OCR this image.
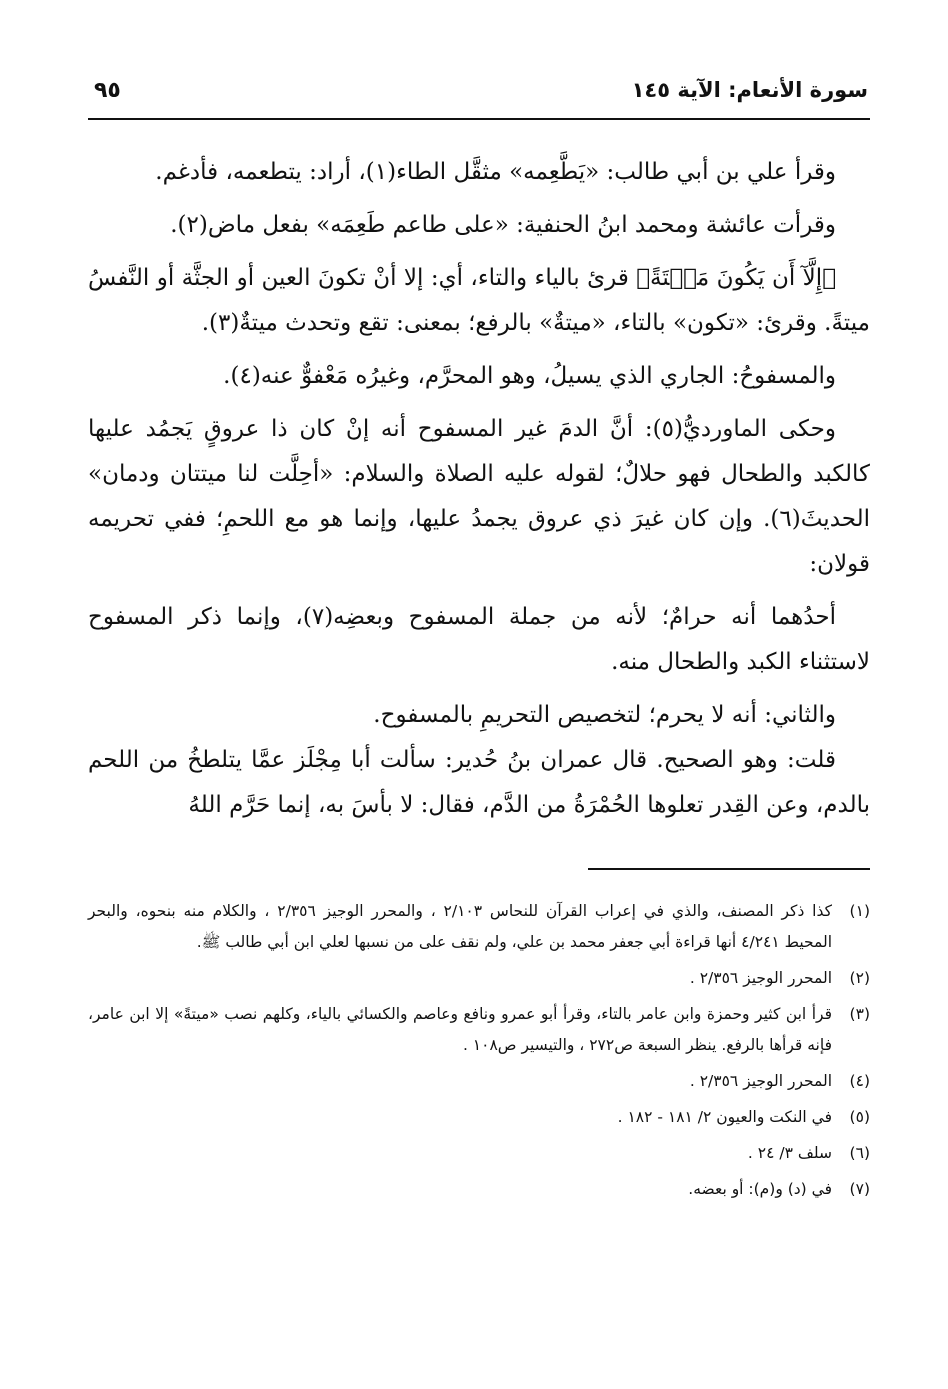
سورة الأنعام: الآية ١٤٥
٩٥

وقرأ علي بن أبي طالب: «يَطَّعِمه» مثقَّل الطاء(١)، أراد: يتطعمه، فأدغم.

وقرأت عائشة ومحمد ابنُ الحنفية: «على طاعم طَعِمَه» بفعل ماض(٢).

﴿إِلَّآ أَن يَكُونَ مَيۡتَةً﴾ قرئ بالياء والتاء، أي: إلا أنْ تكونَ العين أو الجثَّة أو النَّفسُ ميتةً. وقرئ: «تكون» بالتاء، «ميتةٌ» بالرفع؛ بمعنى: تقع وتحدث ميتةٌ(٣).

والمسفوحُ: الجاري الذي يسيلُ، وهو المحرَّم، وغيرُه مَعْفوٌّ عنه(٤).

وحكى الماورديُّ(٥): أنَّ الدمَ غير المسفوح أنه إنْ كان ذا عروقٍ يَجمُد عليها كالكبد والطحال فهو حلالٌ؛ لقوله عليه الصلاة والسلام: «أحِلَّت لنا ميتتان ودمان» الحديثَ(٦). وإن كان غيرَ ذي عروق يجمدُ عليها، وإنما هو مع اللحمِ؛ ففي تحريمه قولان:

أحدُهما أنه حرامٌ؛ لأنه من جملة المسفوح وبعضِه(٧)، وإنما ذكر المسفوح لاستثناء الكبد والطحال منه.

والثاني: أنه لا يحرم؛ لتخصيص التحريمِ بالمسفوح.

قلت: وهو الصحيح. قال عمران بنُ حُدير: سألت أبا مِجْلَز عمَّا يتلطخُ من اللحم بالدم، وعن القِدر تعلوها الحُمْرَةُ من الدَّم، فقال: لا بأسَ به، إنما حَرَّم اللهُ

(١)
كذا ذكر المصنف، والذي في إعراب القرآن للنحاس ٢/١٠٣ ، والمحرر الوجيز ٢/٣٥٦ ، والكلام منه بنحوه، والبحر المحيط ٤/٢٤١ أنها قراءة أبي جعفر محمد بن علي، ولم نقف على من نسبها لعلي ابن أبي طالب ﷺ.
(٢)
المحرر الوجيز ٢/٣٥٦ .
(٣)
قرأ ابن كثير وحمزة وابن عامر بالتاء، وقرأ أبو عمرو ونافع وعاصم والكسائي بالياء، وكلهم نصب «ميتةً» إلا ابن عامر، فإنه قرأها بالرفع. ينظر السبعة ص٢٧٢ ، والتيسير ص١٠٨ .
(٤)
المحرر الوجيز ٢/٣٥٦ .
(٥)
في النكت والعيون ٢/ ١٨١ - ١٨٢ .
(٦)
سلف ٣/ ٢٤ .
(٧)
في (د) و(م): أو بعضه.
